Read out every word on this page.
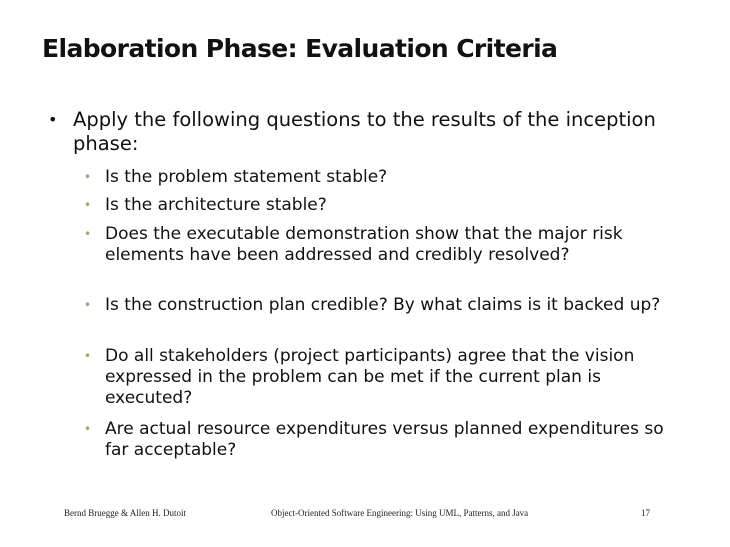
Elaboration Phase: Evaluation Criteria
• Apply the following questions to the results of the inception phase:
• Is the problem statement stable?
• Is the architecture stable?
• Does the executable demonstration show that the major risk elements have been addressed and credibly resolved?
• Is the construction plan credible? By what claims is it backed up?
• Do all stakeholders (project participants) agree that the vision expressed in the problem can be met if the current plan is executed?
• Are actual resource expenditures versus planned expenditures so far acceptable?
Bernd Bruegge & Allen H. Dutoit	Object-Oriented Software Engineering: Using UML, Patterns, and Java	17
